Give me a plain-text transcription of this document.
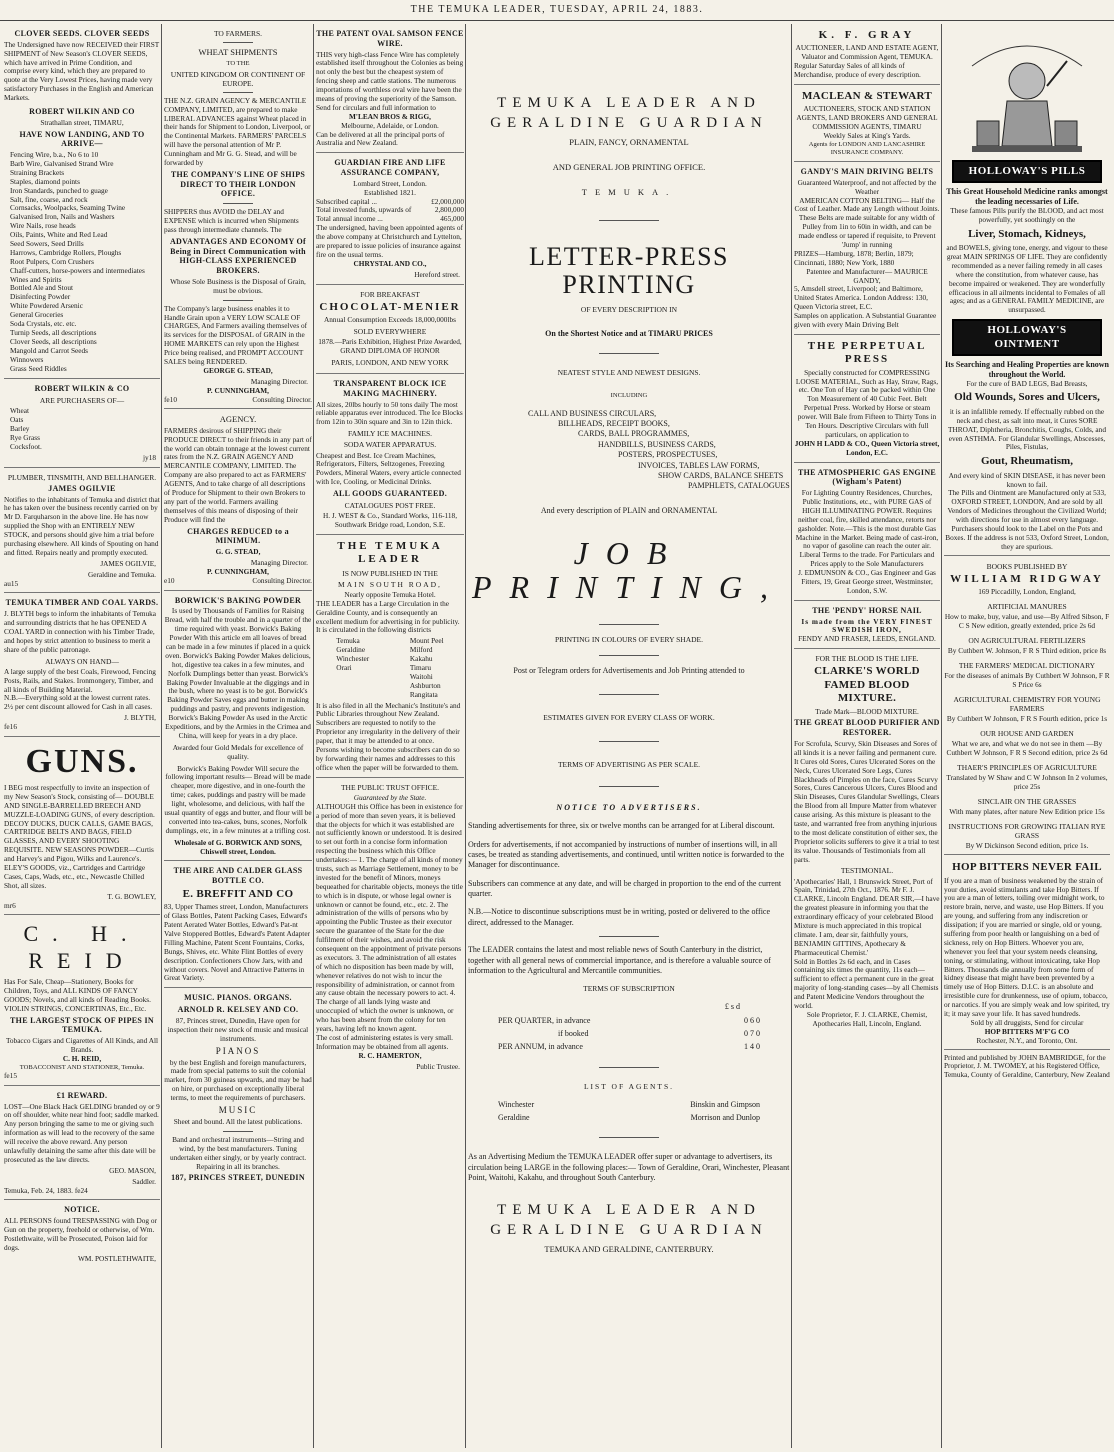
THE TEMUKA LEADER, TUESDAY, APRIL 24, 1883.
CLOVER SEEDS. CLOVER SEEDS
The Undersigned have now RECEIVED their FIRST SHIPMENT of New Season's CLOVER SEEDS, which have arrived in Prime Condition, and comprise every kind, which they are prepared to quote at the Very Lowest Prices, having made very satisfactory Purchases in the English and American Markets.
ROBERT WILKIN AND CO
Strathallan street, TIMARU,
HAVE NOW LANDING, AND TO ARRIVE—
Fencing Wire, b.a., No 6 to 10
Barb Wire, Galvanised Strand Wire
Straining Brackets
Staples, diamond points
Iron Standards, punched to guage
Salt, fine, coarse, and rock
Cornsacks, Woolpacks, Seaming Twine
Galvanised Iron, Nails and Washers
Wire Nails, rose heads
Oils, Paints, White and Red Lead
Seed Sowers, Seed Drills
Harrows, Cambridge Rollers, Ploughs
Root Pulpers, Corn Crushers
Chaff-cutters, horse-powers and intermediates
Wines and Spirits
Bottled Ale and Stout
Disinfecting Powder
White Powdered Arsenic
General Groceries
Soda Crystals, etc. etc.
Turnip Seeds, all descriptions
Clover Seeds, all descriptions
Mangold and Carrot Seeds
Winnowers
Grass Seed Riddles
ROBERT WILKIN & CO
ARE PURCHASERS OF—
Wheat
Oats
Barley
Rye Grass
Cocksfoot.
jy18
PLUMBER, TINSMITH, AND BELLHANGER.
JAMES OGILVIE
Notifies to the inhabitants of Temuka and district that he has taken over the business recently carried on by Mr D. Farquharson in the above line. He has now supplied the Shop with an ENTIRELY NEW STOCK, and persons should give him a trial before purchasing elsewhere. All kinds of Spouting on hand and fitted. Repairs neatly and promptly executed.
JAMES OGILVIE,
Geraldine and Temuka.
au15
TEMUKA TIMBER AND COAL YARDS.
J. BLYTH begs to inform the inhabitants of Temuka and surrounding districts that he has OPENED A COAL YARD in connection with his Timber Trade, and hopes by strict attention to business to merit a share of the public patronage.
ALWAYS ON HAND—
A large supply of the best Coals, Firewood, Fencing Posts, Rails, and Stakes. Ironmongery, Timber, and all kinds of Building Material.
N.B.—Everything sold at the lowest current rates. 2½ per cent discount allowed for Cash in all cases.
J. BLYTH,
fe16
GUNS.
I BEG most respectfully to invite an inspection of my New Season's Stock, consisting of— DOUBLE AND SINGLE-BARRELLED BREECH AND MUZZLE-LOADING GUNS, of every description. DECOY DUCKS, DUCK CALLS, GAME BAGS, CARTRIDGE BELTS AND BAGS, FIELD GLASSES, AND EVERY SHOOTING REQUISITE. NEW SEASONS POWDER—Curtis and Harvey's and Pigou, Wilks and Laurence's. ELEY'S GOODS, viz., Cartridges and Cartridge Cases, Caps, Wads, etc., etc., Newcastle Chilled Shot, all sizes.
T. G. BOWLEY,
mr6
C. H. REID
Has For Sale, Cheap—Stationery, Books for Children, Toys, and ALL KINDS OF FANCY GOODS; Novels, and all kinds of Reading Books. VIOLIN STRINGS, CONCERTINAS, Etc., Etc.
THE LARGEST STOCK OF PIPES IN TEMUKA.
Tobacco Cigars and Cigarettes of All Kinds, and All Brands.
C. H. REID,
TOBACCONIST AND STATIONER, Temuka.
fe15
£1 REWARD.
LOST—One Black Hack GELDING branded oy or 9 on off shoulder, white near hind foot; saddle marked. Any person bringing the same to me or giving such information as will lead to the recovery of the same will receive the above reward. Any person unlawfully detaining the same after this date will be prosecuted as the law directs.
GEO. MASON,
Saddler.
Temuka, Feb. 24, 1883. fe24
NOTICE.
ALL PERSONS found TRESPASSING with Dog or Gun on the property, freehold or otherwise, of Wm. Postlethwaite, will be Prosecuted, Poison laid for dogs.
WM. POSTLETHWAITE,
TO FARMERS.
WHEAT SHIPMENTS
TO THE
UNITED KINGDOM OR CONTINENT OF EUROPE.
THE N.Z. GRAIN AGENCY & MERCANTILE COMPANY, LIMITED, are prepared to make LIBERAL ADVANCES against Wheat placed in their hands for Shipment to London, Liverpool, or the Continental Markets. FARMERS' PARCELS will have the personal attention of Mr P. Cunningham and Mr G. G. Stead, and will be forwarded by
THE COMPANY'S LINE OF SHIPS DIRECT TO THEIR LONDON OFFICE.
SHIPPERS thus AVOID the DELAY and EXPENSE which is incurred when Shipments pass through intermediate channels. The
ADVANTAGES AND ECONOMY Of Being in Direct Communication with HIGH-CLASS EXPERIENCED BROKERS.
Whose Sole Business is the Disposal of Grain, must be obvious.
The Company's large business enables it to Handle Grain upon a VERY LOW SCALE OF CHARGES, And Farmers availing themselves of its services for the DISPOSAL of GRAIN in the HOME MARKETS can rely upon the Highest Price being realised, and PROMPT ACCOUNT SALES being RENDERED.
GEORGE G. STEAD,
Managing Director.
P. CUNNINGHAM,
fe10	Consulting Director.
AGENCY.
FARMERS desirous of SHIPPING their PRODUCE DIRECT to their friends in any part of the world can obtain tonnage at the lowest current rates from the N.Z. GRAIN AGENCY AND MERCANTILE COMPANY, LIMITED. The Company are also prepared to act as FARMERS' AGENTS, And to take charge of all descriptions of Produce for Shipment to their own Brokers to any part of the world. Farmers availing themselves of this means of disposing of their Produce will find the
CHARGES REDUCED to a MINIMUM.
G. G. STEAD,
Managing Director.
P. CUNNINGHAM,
e10	Consulting Director.
BORWICK'S BAKING POWDER
Is used by Thousands of Families for Raising Bread, with half the trouble and in a quarter of the time required with yeast. Borwick's Baking Powder With this article em all loaves of bread can be made in a few minutes if placed in a quick oven. Borwick's Baking Powder Makes delicious, hot, digestive tea cakes in a few minutes, and Norfolk Dumplings better than yeast. Borwick's Baking Powder Invaluable at the diggings and in the bush, where no yeast is to be got. Borwick's Baking Powder Saves eggs and butter in making puddings and pastry, and prevents indigestion. Borwick's Baking Powder As used in the Arctic Expeditions, and by the Armies in the Crimea and China, will keep for years in a dry place.
Awarded four Gold Medals for excellence of quality.
Borwick's Baking Powder Will secure the following important results— Bread will be made cheaper, more digestive, and in one-fourth the time; cakes, puddings and pastry will be made light, wholesome, and delicious, with half the usual quantity of eggs and butter, and flour will be converted into tea-cakes, buns, scones, Norfolk dumplings, etc, in a few minutes at a trifling cost.
Wholesale of G. BORWICK AND SONS, Chiswell street, London.
THE AIRE AND CALDER GLASS BOTTLE CO.
E. BREFFIT AND CO
83, Upper Thames street, London, Manufacturers of Glass Bottles, Patent Packing Cases, Edward's Patent Aerated Water Bottles, Edward's Pat-nt Valve Stoppered Bottles, Edward's Patent Adapter Filling Machine, Patent Scent Fountains, Corks, Bungs, Shives, etc. White Flint Bottles of every description. Confectioners Chow Jars, with and without covers. Novel and Attractive Patterns in Great Variety.
MUSIC. PIANOS. ORGANS.
ARNOLD R. KELSEY AND CO.
87, Princes street, Dunedin, Have open for inspection their new stock of music and musical instruments.
PIANOS
by the best English and foreign manufacturers, made from special patterns to suit the colonial market, from 30 guineas upwards, and may be had on hire, or purchased on exceptionally liberal terms, to meet the requirements of purchasers.
MUSIC
Sheet and bound. All the latest publications.
Band and orchestral instruments—String and wind, by the best manufacturers. Tuning undertaken either singly, or by yearly contract. Repairing in all its branches.
187, PRINCES STREET, DUNEDIN
THE PATENT OVAL SAMSON FENCE WIRE.
THIS very high-class Fence Wire has completely established itself throughout the Colonies as being not only the best but the cheapest system of fencing sheep and cattle stations. The numerous importations of worthless oval wire have been the means of proving the superiority of the Samson. Send for circulars and full information to
M'LEAN BROS & RIGG,
Melbourne, Adelaide, or London.
Can be delivered at all the principal ports of Australia and New Zealand.
GUARDIAN FIRE AND LIFE ASSURANCE COMPANY,
Lombard Street, London.
Established 1821.
Subscribed capital ...	£2,000,000
Total invested funds, upwards of	2,800,000
Total annual income ...	465,000
The undersigned, having been appointed agents of the above company at Christchurch and Lyttelton, are prepared to issue policies of insurance against fire on the usual terms.
CHRYSTAL AND CO.,
Hereford street.
FOR BREAKFAST
CHOCOLAT-MENIER
Annual Consumption Exceeds 18,000,000lbs
SOLD EVERYWHERE
1878.—Paris Exhibition, Highest Prize Awarded, GRAND DIPLOMA OF HONOR
PARIS, LONDON, AND NEW YORK
TRANSPARENT BLOCK ICE MAKING MACHINERY.
All sizes, 20lbs hourly to 50 tons daily The most reliable apparatus ever introduced. The Ice Blocks from 12in to 30in square and 3in to 12in thick.
FAMILY ICE MACHINES.
SODA WATER APPARATUS.
Cheapest and Best. Ice Cream Machines, Refrigerators, Filters, Seltzogenes, Freezing Powders, Mineral Waters, every article connected with Ice, Cooling, or Medicinal Drinks.
ALL GOODS GUARANTEED.
CATALOGUES POST FREE.
H. J. WEST & Co., Standard Works, 116-118, Southwark Bridge road, London, S.E.
THE TEMUKA LEADER
IS NOW PUBLISHED IN THE
MAIN SOUTH ROAD,
Nearly opposite Temuka Hotel.
THE LEADER has a Large Circulation in the Geraldine County, and is consequently an excellent medium for advertising in for publicity.
It is circulated in the following districts
Temuka
Geraldine
Winchester
Orari
Mount Peel
Milford
Kakahu
Timaru
Waitohi
Ashburton
Rangitata
It is also filed in all the Mechanic's Institute's and Public Libraries throughout New Zealand.
Subscribers are requested to notify to the Proprietor any irregularity in the delivery of their paper, that it may be attended to at once.
Persons wishing to become subscribers can do so by forwarding their names and addresses to this office when the paper will be forwarded to them.
THE PUBLIC TRUST OFFICE.
Guaranteed by the State.
ALTHOUGH this Office has been in existence for a period of more than seven years, it is believed that the objects for which it was established are not sufficiently known or understood. It is desired to set out forth in a concise form information respecting the business which this Office undertakes:— 1. The charge of all kinds of money trusts, such as Marriage Settlement, money to be invested for the benefit of Minors, moneys bequeathed for charitable objects, moneys the title to which is in dispute, or whose legal owner is unknown or cannot be found, etc., etc. 2. The administration of the wills of persons who by appointing the Public Trustee as their executor secure the guarantee of the State for the due fulfilment of their wishes, and avoid the risk consequent on the appointment of private persons as executors. 3. The administration of all estates of which no disposition has been made by will, whenever relatives do not wish to incur the responsibility of administration, or cannot from any cause obtain the necessary powers to act. 4. The charge of all lands lying waste and unoccupied of which the owner is unknown, or who has been absent from the colony for ten years, having left no known agent.
The cost of administering estates is very small. Information may be obtained from all agents.
R. C. HAMERTON,
Public Trustee.
TEMUKA LEADER AND GERALDINE GUARDIAN
PLAIN, FANCY, ORNAMENTAL
AND GENERAL JOB PRINTING OFFICE.
TEMUKA.
LETTER-PRESS PRINTING
OF EVERY DESCRIPTION IN
On the Shortest Notice and at TIMARU PRICES
NEATEST STYLE AND NEWEST DESIGNS.
INCLUDING
CALL AND BUSINESS CIRCULARS,
BILLHEADS, RECEIPT BOOKS,
CARDS, BALL PROGRAMMES,
HANDBILLS, BUSINESS CARDS,
POSTERS, PROSPECTUSES,
INVOICES, TABLES LAW FORMS,
SHOW CARDS, BALANCE SHEETS
PAMPHLETS, CATALOGUES
And every description of PLAIN and ORNAMENTAL
JOB PRINTING,
PRINTING IN COLOURS OF EVERY SHADE.
Post or Telegram orders for Advertisements and Job Printing attended to
ESTIMATES GIVEN FOR EVERY CLASS OF WORK.
TERMS OF ADVERTISING AS PER SCALE.
NOTICE TO ADVERTISERS.

Standing advertisements for three, six or twelve months can be arranged for at Liberal discount.

Orders for advertisements, if not accompanied by instructions of number of insertions will, in all cases, be treated as standing advertisements, and continued, until written notice is forwarded to the Manager for discontinuance.

Subscribers can commence at any date, and will be charged in proportion to the end of the current quarter.

N.B.—Notice to discontinue subscriptions must be in writing, posted or delivered to the office direct, addressed to the Manager.

The LEADER contains the latest and most reliable news of South Canterbury in the district, together with all general news of commercial importance, and is therefore a valuable source of information to the Agricultural and Mercantile communities.

TERMS OF SUBSCRIPTION
£ s d
PER QUARTER, in advance	0 6 0
if booked	0 7 0
PER ANNUM, in advance	1 4 0
LIST OF AGENTS.
Winchester	Binskin and Gimpson
Geraldine	Morrison and Dunlop

As an Advertising Medium the TEMUKA LEADER offer super or advantage to advertisers, its circulation being LARGE in the following places:— Town of Geraldine, Orari, Winchester, Pleasant Point, Waitohi, Kakahu, and throughout South Canterbury.

TEMUKA LEADER AND GERALDINE GUARDIAN
TEMUKA AND GERALDINE, CANTERBURY.
K. F. GRAY
AUCTIONEER, LAND AND ESTATE AGENT, Valuator and Commission Agent, TEMUKA.
Regular Saturday Sales of all kinds of Merchandise, produce of every description.
MACLEAN & STEWART
AUCTIONEERS, STOCK AND STATION AGENTS, LAND BROKERS AND GENERAL COMMISSION AGENTS, TIMARU
Weekly Sales at King's Yards.
Agents for LONDON AND LANCASHIRE INSURANCE COMPANY.
GANDY'S MAIN DRIVING BELTS
Guaranteed Waterproof, and not affected by the Weather
AMERICAN COTTON BELTING— Half the Cost of Leather. Made any Length without Joints.
These Belts are made suitable for any width of Pulley from 1in to 60in in width, and can be made endless or tapered if requisite, to Prevent 'Jump' in running
PRIZES—Hamburg, 1878; Berlin, 1879; Cincinnati, 1880; New York, 1880
Patentee and Manufacturer— MAURICE GANDY,
5, Amsdell street, Liverpool; and Baltimore, United States America. London Address: 130, Queen Victoria street, E.C.
Samples on application. A Substantial Guarantee given with every Main Driving Belt
THE PERPETUAL PRESS
Specially constructed for COMPRESSING LOOSE MATERIAL, Such as Hay, Straw, Rags, etc. One Ton of Hay can be packed within One Ton Measurement of 40 Cubic Feet. Belt Perpetual Press. Worked by Horse or steam power. Will Bale from Fifteen to Thirty Tons in Ten Hours. Descriptive Circulars with full particulars, on application to
JOHN H LADD & CO., Queen Victoria street, London, E.C.
THE ATMOSPHERIC GAS ENGINE (Wigham's Patent)
For Lighting Country Residences, Churches, Public Institutions, etc., with PURE GAS of HIGH ILLUMINATING POWER. Requires neither coal, fire, skilled attendance, retorts nor gasholder. Note.—This is the most durable Gas Machine in the Market. Being made of cast-iron, no vapor of gasoline can reach the outer air. Liberal Terms to the trade. For Particulars and Prices apply to the Sole Manufacturers
J. EDMUNSON & CO., Gas Engineer and Gas Fitters, 19, Great George street, Westminster, London, S.W.
THE 'PENDY' HORSE NAIL
Is made from the VERY FINEST SWEDISH IRON,
FENDY AND FRASER, LEEDS, ENGLAND.
FOR THE BLOOD IS THE LIFE.
CLARKE'S WORLD FAMED BLOOD MIXTURE.
Trade Mark—BLOOD MIXTURE.
THE GREAT BLOOD PURIFIER AND RESTORER.
For Scrofula, Scurvy, Skin Diseases and Sores of all kinds it is a never failing and permanent cure. It Cures old Sores, Cures Ulcerated Sores on the Neck, Cures Ulcerated Sore Legs, Cures Blackheads of Pimples on the face, Cures Scurvy Sores, Cures Cancerous Ulcers, Cures Blood and Skin Diseases, Cures Glandular Swellings, Clears the Blood from all Impure Matter from whatever cause arising. As this mixture is pleasant to the taste, and warranted free from anything injurious to the most delicate constitution of either sex, the Proprietor solicits sufferers to give it a trial to test its value. Thousands of Testimonials from all parts.
TESTIMONIAL.
'Apothecaries' Hall, 1 Brunswick Street, Port of Spain, Trinidad, 27th Oct., 1876. Mr F. J. CLARKE, Lincoln England. DEAR SIR,—I have the greatest pleasure in informing you that the extraordinary efficacy of your celebrated Blood Mixture is much appreciated in this tropical climate. I am, dear sir, faithfully yours, BENJAMIN GITTINS, Apothecary & Pharmaceutical Chemist.'
Sold in Bottles 2s 6d each, and in Cases containing six times the quantity, 11s each—sufficient to effect a permanent cure in the great majority of long-standing cases—by all Chemists and Patent Medicine Vendors throughout the world.
Sole Proprietor, F. J. CLARKE, Chemist, Apothecaries Hall, Lincoln, England.
HOLLOWAY'S PILLS
This Great Household Medicine ranks amongst the leading necessaries of Life.
These famous Pills purify the BLOOD, and act most powerfully, yet soothingly on the
Liver, Stomach, Kidneys,
and BOWELS, giving tone, energy, and vigour to these great MAIN SPRINGS OF LIFE. They are confidently recommended as a never failing remedy in all cases where the constitution, from whatever cause, has become impaired or weakened. They are wonderfully efficacious in all ailments incidental to Females of all ages; and as a GENERAL FAMILY MEDICINE, are unsurpassed.
HOLLOWAY'S OINTMENT
Its Searching and Healing Properties are known throughout the World.
For the cure of BAD LEGS, Bad Breasts,
Old Wounds, Sores and Ulcers,
it is an infallible remedy. If effectually rubbed on the neck and chest, as salt into meat, it Cures SORE THROAT, Diphtheria, Bronchitis, Coughs, Colds, and even ASTHMA. For Glandular Swellings, Abscesses, Piles, Fistulas,
Gout, Rheumatism,
And every kind of SKIN DISEASE, it has never been known to fail.
The Pills and Ointment are Manufactured only at 533, OXFORD STREET, LONDON, And are sold by all Vendors of Medicines throughout the Civilized World; with directions for use in almost every language.
Purchasers should look to the Label on the Pots and Boxes. If the address is not 533, Oxford Street, London, they are spurious.
BOOKS PUBLISHED BY
WILLIAM RIDGWAY
169 Piccadilly, London, England,
ARTIFICIAL MANURES
How to make, buy, value, and use—By Alfred Sibson, F C S New edition, greatly extended, price 2s 6d
ON AGRICULTURAL FERTILIZERS
By Cuthbert W. Johnson, F R S Third edition, price 8s
THE FARMERS' MEDICAL DICTIONARY
For the diseases of animals By Cuthbert W Johnson, F R S Price 6s
AGRICULTURAL CHEMISTRY FOR YOUNG FARMERS
By Cuthbert W Johnson, F R S Fourth edition, price 1s
OUR HOUSE AND GARDEN
What we are, and what we do not see in them —By Cuthbert W Johnson, F R S Second edition, price 2s 6d
THAER'S PRINCIPLES OF AGRICULTURE
Translated by W Shaw and C W Johnson In 2 volumes, price 25s
SINCLAIR ON THE GRASSES
With many plates, after nature New Edition price 15s
INSTRUCTIONS FOR GROWING ITALIAN RYE GRASS
By W Dickinson Second edition, price 1s.
HOP BITTERS NEVER FAIL
If you are a man of business weakened by the strain of your duties, avoid stimulants and take Hop Bitters. If you are a man of letters, toiling over midnight work, to restore brain, nerve, and waste, use Hop Bitters. If you are young, and suffering from any indiscretion or dissipation; if you are married or single, old or young, suffering from poor health or languishing on a bed of sickness, rely on Hop Bitters. Whoever you are, whenever you feel that your system needs cleansing, toning, or stimulating, without intoxicating, take Hop Bitters. Thousands die annually from some form of kidney disease that might have been prevented by a timely use of Hop Bitters. D.I.C. is an absolute and irresistible cure for drunkenness, use of opium, tobacco, or narcotics. If you are simply weak and low spirited, try it; it may save your life. It has saved hundreds.
Sold by all druggists, Send for circular
HOP BITTERS M'F'G CO
Rochester, N.Y., and Toronto, Ont.
Printed and published by JOHN BAMBRIDGE, for the Proprietor, J. M. TWOMEY, at his Registered Office, Temuka, County of Geraldine, Canterbury, New Zealand
